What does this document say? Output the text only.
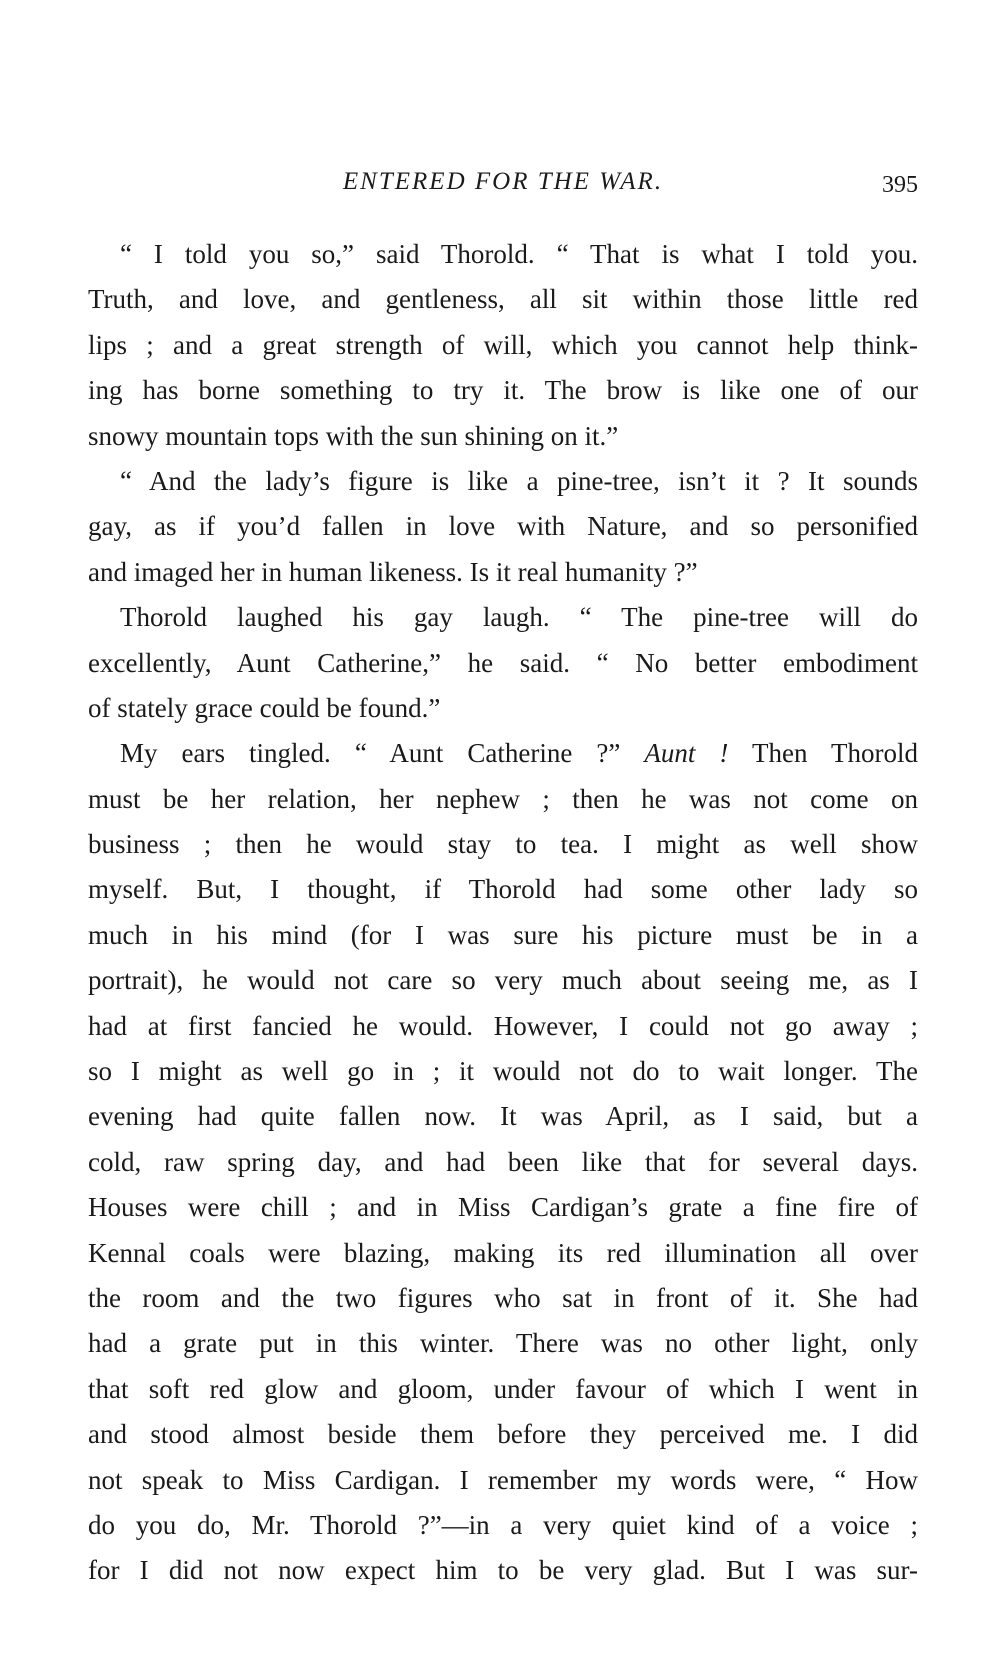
ENTERED FOR THE WAR.	395
“ I told you so,” said Thorold. “ That is what I told you.
Truth, and love, and gentleness, all sit within those little red
lips ; and a great strength of will, which you cannot help think-
ing has borne something to try it. The brow is like one of our
snowy mountain tops with the sun shining on it.”
“ And the lady’s figure is like a pine-tree, isn’t it ? It sounds
gay, as if you’d fallen in love with Nature, and so personified
and imaged her in human likeness. Is it real humanity ?”
Thorold laughed his gay laugh. “ The pine-tree will do
excellently, Aunt Catherine,” he said. “ No better embodiment
of stately grace could be found.”
My ears tingled. “ Aunt Catherine ?” Aunt ! Then Thorold
must be her relation, her nephew ; then he was not come on
business ; then he would stay to tea. I might as well show
myself. But, I thought, if Thorold had some other lady so
much in his mind (for I was sure his picture must be in a
portrait), he would not care so very much about seeing me, as I
had at first fancied he would. However, I could not go away ;
so I might as well go in ; it would not do to wait longer. The
evening had quite fallen now. It was April, as I said, but a
cold, raw spring day, and had been like that for several days.
Houses were chill ; and in Miss Cardigan’s grate a fine fire of
Kennal coals were blazing, making its red illumination all over
the room and the two figures who sat in front of it. She had
had a grate put in this winter. There was no other light, only
that soft red glow and gloom, under favour of which I went in
and stood almost beside them before they perceived me. I did
not speak to Miss Cardigan. I remember my words were, “ How
do you do, Mr. Thorold ?”—in a very quiet kind of a voice ;
for I did not now expect him to be very glad. But I was sur-
